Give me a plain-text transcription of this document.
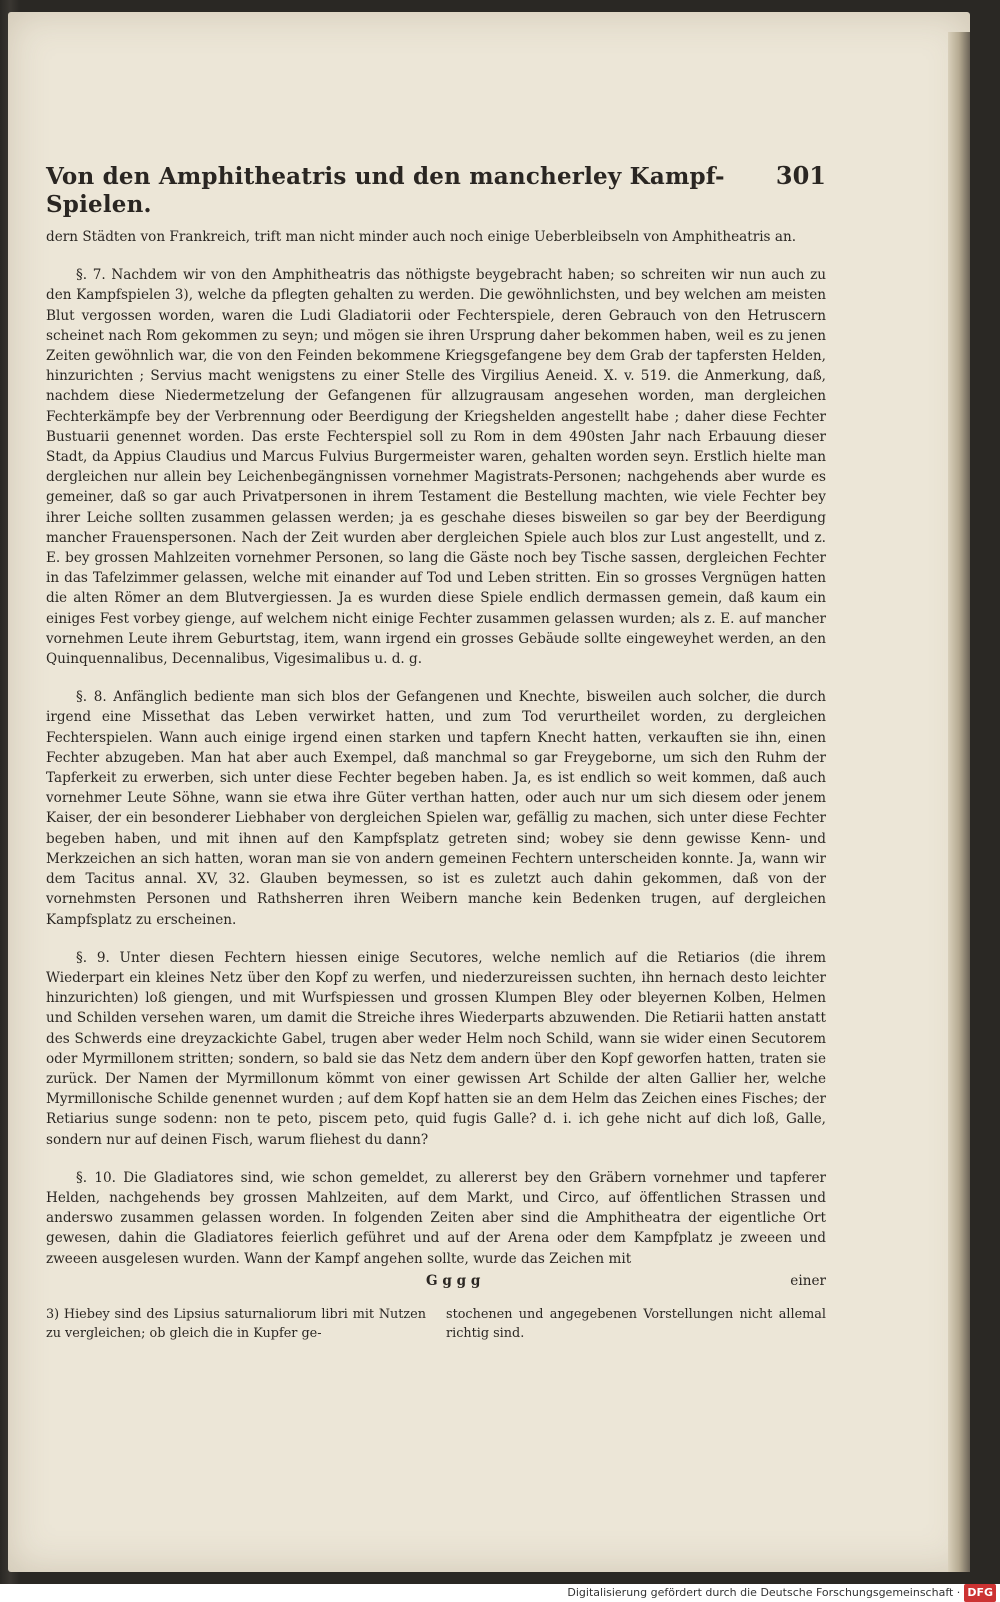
Von den Amphitheatris und den mancherley Kampf-Spielen.
301

dern Städten von Frankreich, trift man nicht minder auch noch einige Ueberbleibseln von Amphitheatris an.

§. 7. Nachdem wir von den Amphitheatris das nöthigste beygebracht haben; so schreiten wir nun auch zu den Kampfspielen 3), welche da pflegten gehalten zu werden. Die gewöhnlichsten, und bey welchen am meisten Blut vergossen worden, waren die Ludi Gladiatorii oder Fechterspiele, deren Gebrauch von den Hetruscern scheinet nach Rom gekommen zu seyn; und mögen sie ihren Ursprung daher bekommen haben, weil es zu jenen Zeiten gewöhnlich war, die von den Feinden bekommene Kriegsgefangene bey dem Grab der tapfersten Helden, hinzurichten ; Servius macht wenigstens zu einer Stelle des Virgilius Aeneid. X. v. 519. die Anmerkung, daß, nachdem diese Niedermetzelung der Gefangenen für allzugrausam angesehen worden, man dergleichen Fechterkämpfe bey der Verbrennung oder Beerdigung der Kriegshelden angestellt habe ; daher diese Fechter Bustuarii genennet worden. Das erste Fechterspiel soll zu Rom in dem 490sten Jahr nach Erbauung dieser Stadt, da Appius Claudius und Marcus Fulvius Burgermeister waren, gehalten worden seyn. Erstlich hielte man dergleichen nur allein bey Leichenbegängnissen vornehmer Magistrats-Personen; nachgehends aber wurde es gemeiner, daß so gar auch Privatpersonen in ihrem Testament die Bestellung machten, wie viele Fechter bey ihrer Leiche sollten zusammen gelassen werden; ja es geschahe dieses bisweilen so gar bey der Beerdigung mancher Frauenspersonen. Nach der Zeit wurden aber dergleichen Spiele auch blos zur Lust angestellt, und z. E. bey grossen Mahlzeiten vornehmer Personen, so lang die Gäste noch bey Tische sassen, dergleichen Fechter in das Tafelzimmer gelassen, welche mit einander auf Tod und Leben stritten. Ein so grosses Vergnügen hatten die alten Römer an dem Blutvergiessen. Ja es wurden diese Spiele endlich dermassen gemein, daß kaum ein einiges Fest vorbey gienge, auf welchem nicht einige Fechter zusammen gelassen wurden; als z. E. auf mancher vornehmen Leute ihrem Geburtstag, item, wann irgend ein grosses Gebäude sollte eingeweyhet werden, an den Quinquennalibus, Decennalibus, Vigesimalibus u. d. g.

§. 8. Anfänglich bediente man sich blos der Gefangenen und Knechte, bisweilen auch solcher, die durch irgend eine Missethat das Leben verwirket hatten, und zum Tod verurtheilet worden, zu dergleichen Fechterspielen. Wann auch einige irgend einen starken und tapfern Knecht hatten, verkauften sie ihn, einen Fechter abzugeben. Man hat aber auch Exempel, daß manchmal so gar Freygeborne, um sich den Ruhm der Tapferkeit zu erwerben, sich unter diese Fechter begeben haben. Ja, es ist endlich so weit kommen, daß auch vornehmer Leute Söhne, wann sie etwa ihre Güter verthan hatten, oder auch nur um sich diesem oder jenem Kaiser, der ein besonderer Liebhaber von dergleichen Spielen war, gefällig zu machen, sich unter diese Fechter begeben haben, und mit ihnen auf den Kampfsplatz getreten sind; wobey sie denn gewisse Kenn- und Merkzeichen an sich hatten, woran man sie von andern gemeinen Fechtern unterscheiden konnte. Ja, wann wir dem Tacitus annal. XV, 32. Glauben beymessen, so ist es zuletzt auch dahin gekommen, daß von der vornehmsten Personen und Rathsherren ihren Weibern manche kein Bedenken trugen, auf dergleichen Kampfsplatz zu erscheinen.

§. 9. Unter diesen Fechtern hiessen einige Secutores, welche nemlich auf die Retiarios (die ihrem Wiederpart ein kleines Netz über den Kopf zu werfen, und niederzureissen suchten, ihn hernach desto leichter hinzurichten) loß giengen, und mit Wurfspiessen und grossen Klumpen Bley oder bleyernen Kolben, Helmen und Schilden versehen waren, um damit die Streiche ihres Wiederparts abzuwenden. Die Retiarii hatten anstatt des Schwerds eine dreyzackichte Gabel, trugen aber weder Helm noch Schild, wann sie wider einen Secutorem oder Myrmillonem stritten; sondern, so bald sie das Netz dem andern über den Kopf geworfen hatten, traten sie zurück. Der Namen der Myrmillonum kömmt von einer gewissen Art Schilde der alten Gallier her, welche Myrmillonische Schilde genennet wurden ; auf dem Kopf hatten sie an dem Helm das Zeichen eines Fisches; der Retiarius sunge sodenn: non te peto, piscem peto, quid fugis Galle? d. i. ich gehe nicht auf dich loß, Galle, sondern nur auf deinen Fisch, warum fliehest du dann?

§. 10. Die Gladiatores sind, wie schon gemeldet, zu allererst bey den Gräbern vornehmer und tapferer Helden, nachgehends bey grossen Mahlzeiten, auf dem Markt, und Circo, auf öffentlichen Strassen und anderswo zusammen gelassen worden. In folgenden Zeiten aber sind die Amphitheatra der eigentliche Ort gewesen, dahin die Gladiatores feierlich geführet und auf der Arena oder dem Kampfplatz je zweeen und zweeen ausgelesen wurden. Wann der Kampf angehen sollte, wurde das Zeichen mit

G g g g	einer
3) Hiebey sind des Lipsius saturnaliorum libri mit Nutzen zu vergleichen; ob gleich die in Kupfer ge-
stochenen und angegebenen Vorstellungen nicht allemal richtig sind.
Digitalisierung gefördert durch die Deutsche Forschungsgemeinschaft · DFG
